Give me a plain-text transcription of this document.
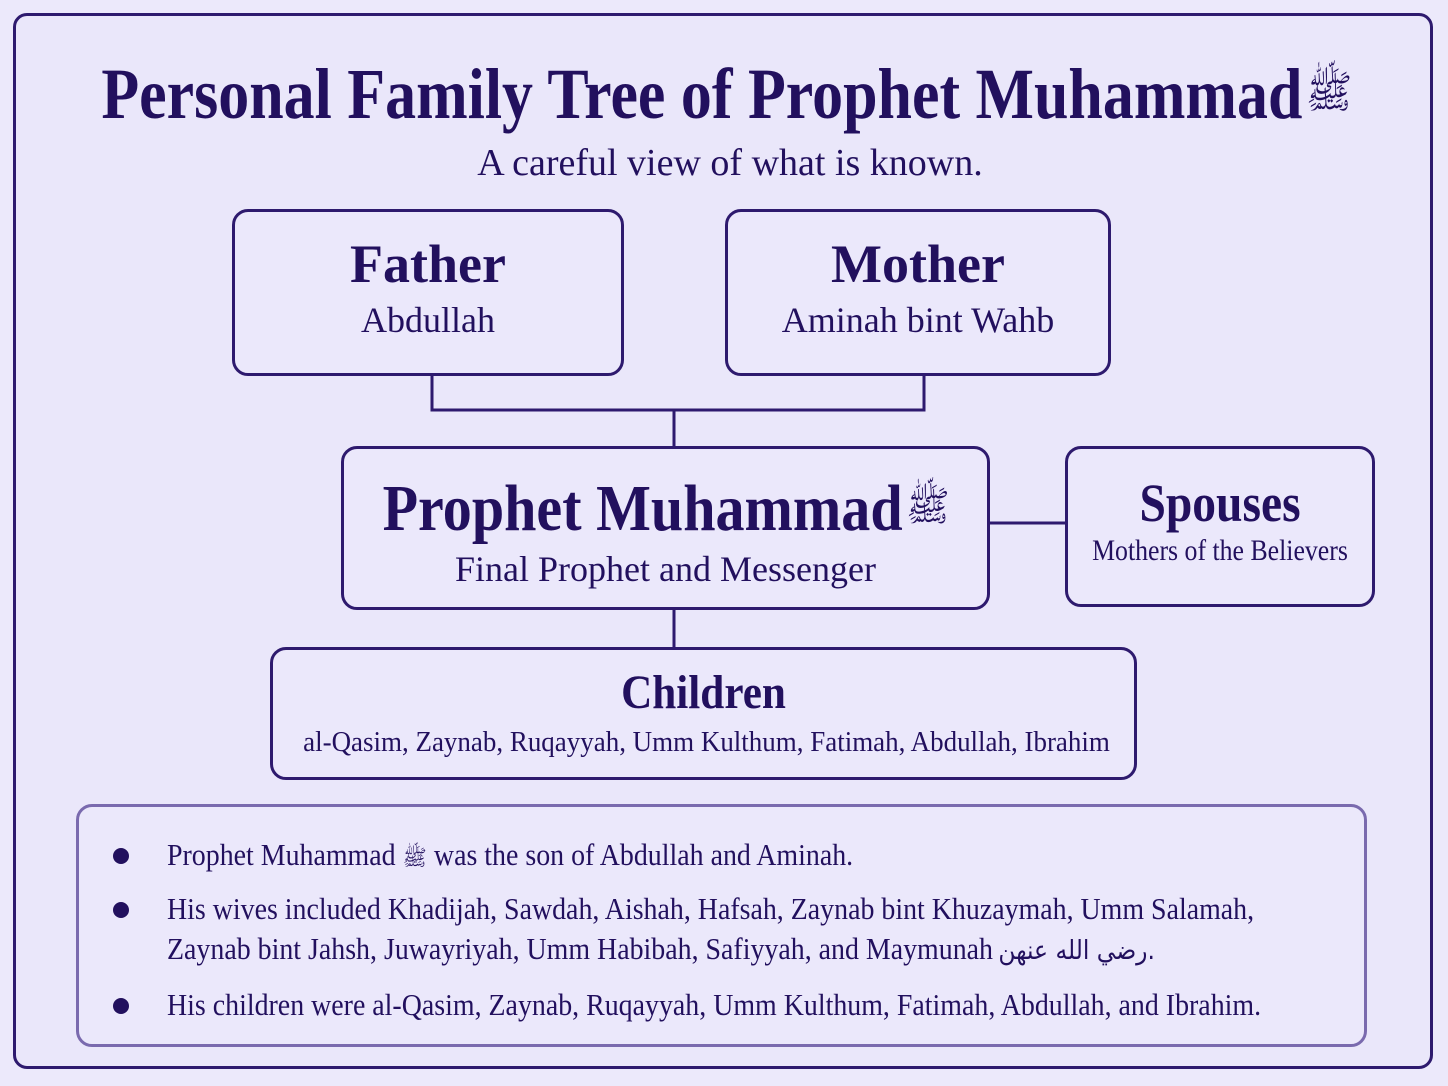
Personal Family Tree of Prophet Muhammadﷺ
A careful view of what is known.
Father
Abdullah
Mother
Aminah bint Wahb
Prophet Muhammadﷺ
Final Prophet and Messenger
Spouses
Mothers of the Believers
Children
al-Qasim, Zaynab, Ruqayyah, Umm Kulthum, Fatimah, Abdullah, Ibrahim
Prophet Muhammad ﷺ was the son of Abdullah and Aminah.
His wives included Khadijah, Sawdah, Aishah, Hafsah, Zaynab bint Khuzaymah, Umm Salamah,
Zaynab bint Jahsh, Juwayriyah, Umm Habibah, Safiyyah, and Maymunah رضي الله عنهن.
His children were al-Qasim, Zaynab, Ruqayyah, Umm Kulthum, Fatimah, Abdullah, and Ibrahim.
